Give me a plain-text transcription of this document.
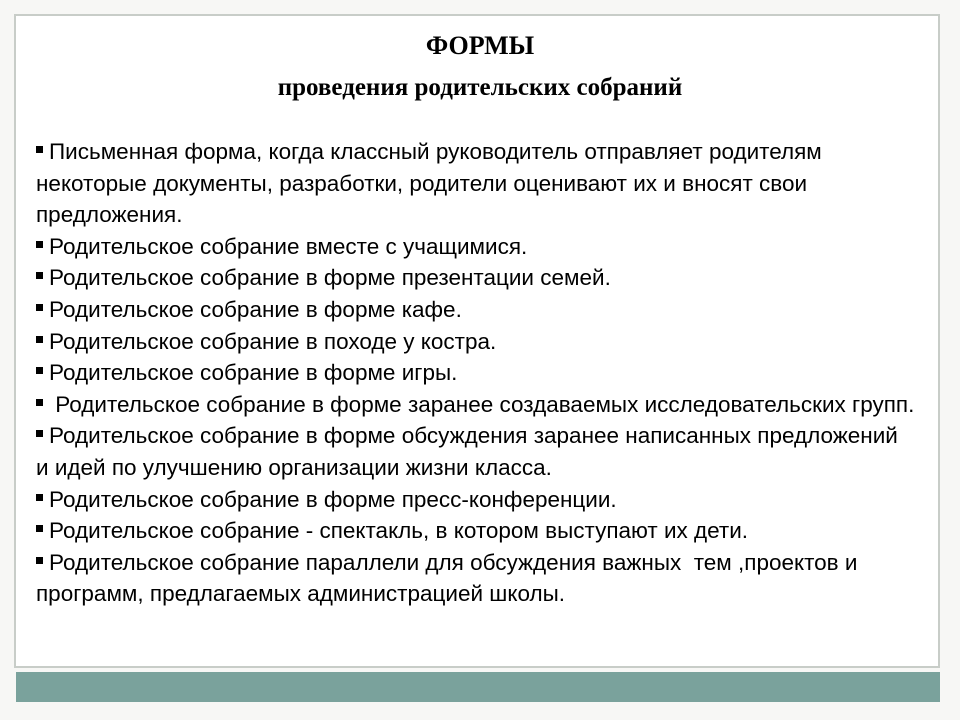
ФОРМЫ
проведения родительских собраний
Письменная форма, когда классный руководитель отправляет родителям некоторые документы, разработки, родители оценивают их и вносят свои предложения.
Родительское собрание вместе с учащимися.
Родительское собрание в форме презентации семей.
Родительское собрание в форме кафе.
Родительское собрание в походе у костра.
Родительское собрание в форме игры.
Родительское собрание в форме заранее создаваемых исследовательских групп.
Родительское собрание в форме обсуждения заранее написанных предложений и идей по улучшению организации жизни класса.
Родительское собрание в форме пресс-конференции.
Родительское собрание - спектакль, в котором выступают их дети.
Родительское собрание параллели для обсуждения важных  тем ,проектов и программ, предлагаемых администрацией школы.
